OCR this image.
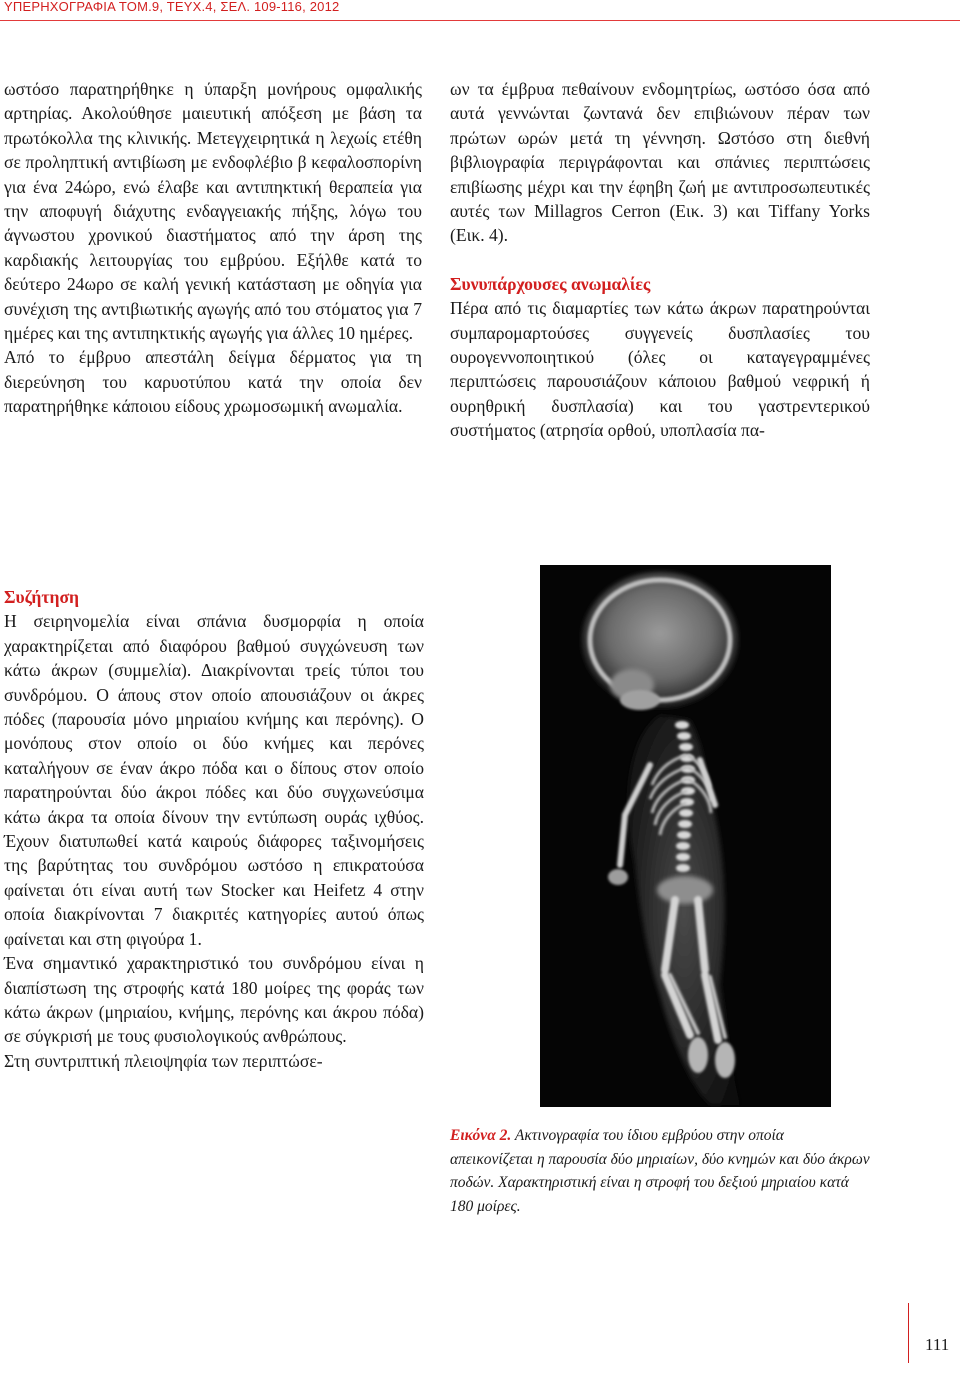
ΥΠΕΡΗΧΟΓΡΑΦΙΑ ΤΟΜ.9, ΤΕΥΧ.4, ΣΕΛ. 109-116, 2012

ωστόσο παρατηρήθηκε η ύπαρξη μονήρους ομφαλικής αρτηρίας. Ακολούθησε μαιευτική απόξεση με βάση τα πρωτόκολλα της κλινικής. Μετεγχειρητικά η λεχωίς ετέθη σε προληπτική αντιβίωση με ενδοφλέβιο β κεφαλοσπορίνη για ένα 24ώρο, ενώ έλαβε και αντιπηκτική θεραπεία για την αποφυγή διάχυτης ενδαγγειακής πήξης, λόγω του άγνωστου χρονικού διαστήματος από την άρση της καρδιακής λειτουργίας του εμβρύου. Εξήλθε κατά το δεύτερο 24ωρο σε καλή γενική κατάσταση με οδηγία για συνέχιση της αντιβιωτικής αγωγής από του στόματος για 7 ημέρες και της αντιπηκτικής αγωγής για άλλες 10 ημέρες.

Από το έμβρυο απεστάλη δείγμα δέρματος για τη διερεύνηση του καρυοτύπου κατά την οποία δεν παρατηρήθηκε κάποιου είδους χρωμοσωμική ανωμαλία.

Συζήτηση

Η σειρηνομελία είναι σπάνια δυσμορφία η οποία χαρακτηρίζεται από διαφόρου βαθμού συγχώνευση των κάτω άκρων (συμμελία). Διακρίνονται τρείς τύποι του συνδρόμου. Ο άπους στον οποίο απουσιάζουν οι άκρες πόδες (παρουσία μόνο μηριαίου κνήμης και περόνης). Ο μονόπους στον οποίο οι δύο κνήμες και περόνες καταλήγουν σε έναν άκρο πόδα και ο δίπους στον οποίο παρατηρούνται δύο άκροι πόδες και δύο συγχωνεύσιμα κάτω άκρα τα οποία δίνουν την εντύπωση ουράς ιχθύος. Έχουν διατυπωθεί κατά καιρούς διάφορες ταξινομήσεις της βαρύτητας του συνδρόμου ωστόσο η επικρατούσα φαίνεται ότι είναι αυτή των Stocker και Heifetz 4 στην οποία διακρίνονται 7 διακριτές κατηγορίες αυτού όπως φαίνεται και στη φιγούρα 1.

Ένα σημαντικό χαρακτηριστικό του συνδρόμου είναι η διαπίστωση της στροφής κατά 180 μοίρες της φοράς των κάτω άκρων (μηριαίου, κνήμης, περόνης και άκρου πόδα) σε σύγκρισή με τους φυσιολογικούς ανθρώπους.

Στη συντριπτική πλειοψηφία των περιπτώσε-

ων τα έμβρυα πεθαίνουν ενδομητρίως, ωστόσο όσα από αυτά γεννώνται ζωντανά δεν επιβιώνουν πέραν των πρώτων ωρών μετά τη γέννηση. Ωστόσο στη διεθνή βιβλιογραφία περιγράφονται και σπάνιες περιπτώσεις επιβίωσης μέχρι και την έφηβη ζωή με αντιπροσωπευτικές αυτές των Millagros Cerron (Εικ. 3) και Tiffany Yorks (Εικ. 4).

Συνυπάρχουσες ανωμαλίες

Πέρα από τις διαμαρτίες των κάτω άκρων παρατηρούνται συμπαρομαρτούσες συγγενείς δυσπλασίες του ουρογεννοποιητικού (όλες οι καταγεγραμμένες περιπτώσεις παρουσιάζουν κάποιου βαθμού νεφρική ή ουρηθρική δυσπλασία) και του γαστρεντερικού συστήματος (ατρησία ορθού, υποπλασία πα-

Εικόνα 2. Ακτινογραφία του ίδιου εμβρύου στην οποία απεικονίζεται η παρουσία δύο μηριαίων, δύο κνημών και δύο άκρων ποδών. Χαρακτηριστική είναι η στροφή του δεξιού μηριαίου κατά 180 μοίρες.
111
